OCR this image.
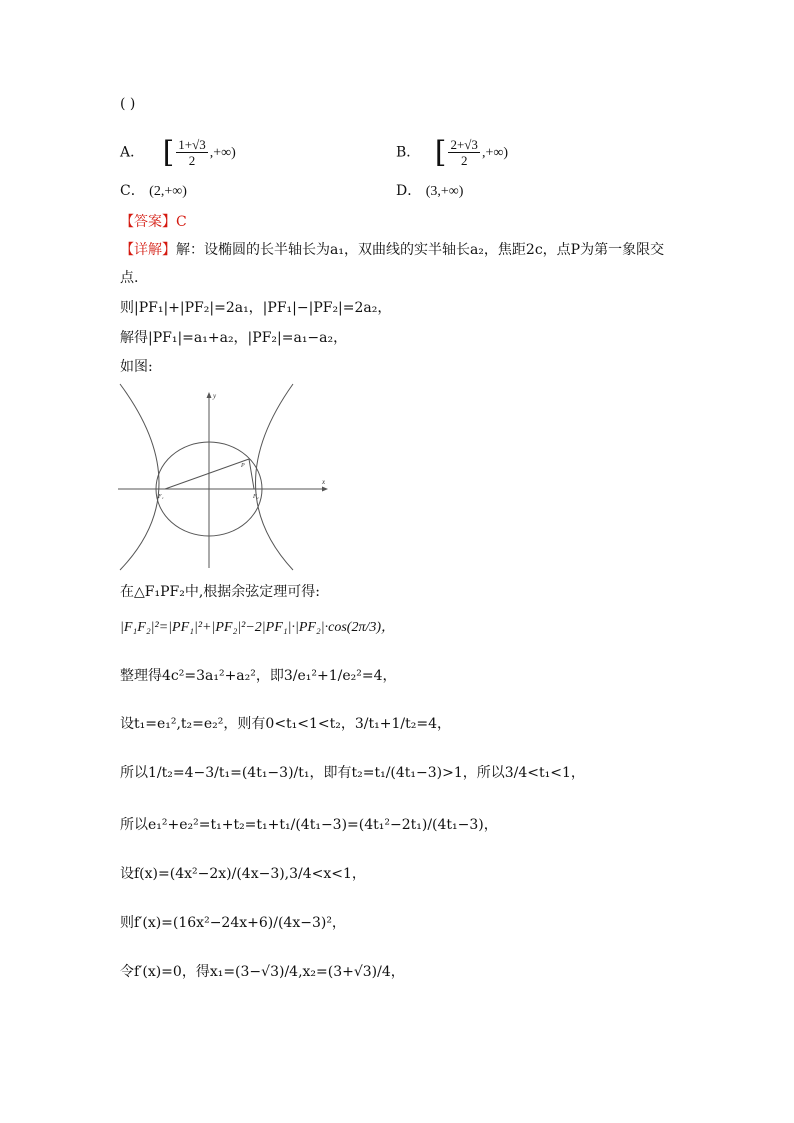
( )
A． [ $\frac{1+√3}{2}$ ,+∞)	B． [ $\frac{2+√3}{2}$ ,+∞)
C． (2,+∞)	D． (3,+∞)
【答案】C
【详解】解：设椭圆的长半轴长为a₁，双曲线的实半轴长a₂，焦距2c，点P为第一象限交
点.
则|PF₁|+|PF₂|=2a₁，|PF₁|−|PF₂|=2a₂，
解得|PF₁|=a₁+a₂，|PF₂|=a₁−a₂，
如图:
x
y
P
F₁	F₂
在△F₁PF₂中,根据余弦定理可得:
|F₁F₂|²=|PF₁|²+|PF₂|²−2|PF₁|·|PF₂|·cos(2π/3)，
整理得4c²=3a₁²+a₂²，即3/e₁²+1/e₂²=4，
设t₁=e₁²,t₂=e₂²，则有0<t₁<1<t₂，3/t₁+1/t₂=4，
所以1/t₂=4−3/t₁=(4t₁−3)/t₁，即有t₂=t₁/(4t₁−3)>1，所以3/4<t₁<1，
所以e₁²+e₂²=t₁+t₂=t₁+t₁/(4t₁−3)=(4t₁²−2t₁)/(4t₁−3)，
设f(x)=(4x²−2x)/(4x−3),3/4<x<1，
则f′(x)=(16x²−24x+6)/(4x−3)²，
令f′(x)=0，得x₁=(3−√3)/4,x₂=(3+√3)/4，
